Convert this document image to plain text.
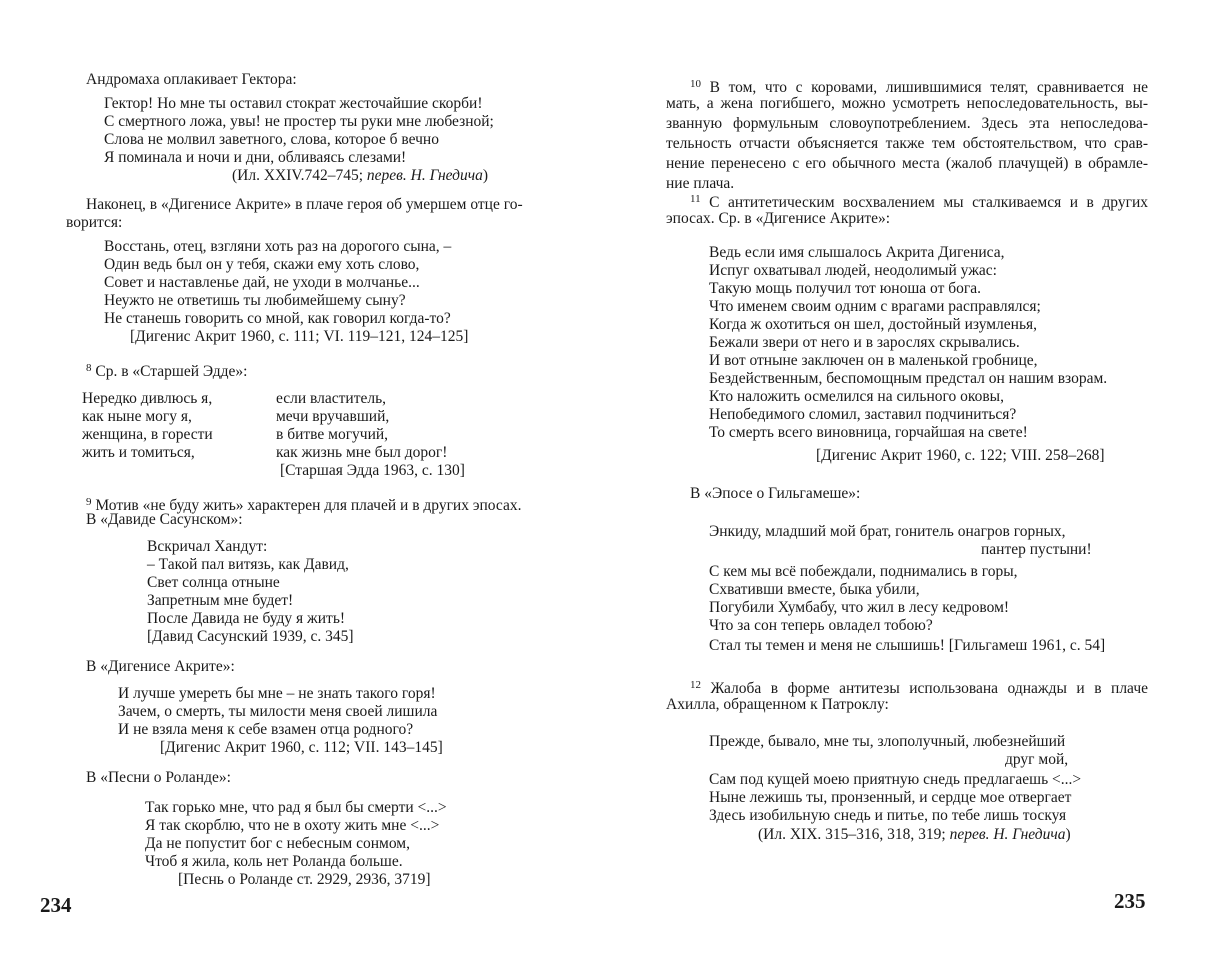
Андромаха оплакивает Гектора:
Гектор! Но мне ты оставил стократ жесточайшие скорби!
С смертного ложа, увы! не простер ты руки мне любезной;
Слова не молвил заветного, слова, которое б вечно
Я поминала и ночи и дни, обливаясь слезами!
(Ил. XXIV.742–745; перев. Н. Гнедича)
Наконец, в «Дигенисе Акрите» в плаче героя об умершем отце го-
ворится:
Восстань, отец, взгляни хоть раз на дорогого сына, –
Один ведь был он у тебя, скажи ему хоть слово,
Совет и наставленье дай, не уходи в молчанье...
Неужто не ответишь ты любимейшему сыну?
Не станешь говорить со мной, как говорил когда-то?
[Дигенис Акрит 1960, с. 111; VI. 119–121, 124–125]
$^8$ Ср. в «Старшей Эдде»:
Нередко дивлюсь я,
как ныне могу я,
женщина, в горести
жить и томиться,
если властитель,
мечи вручавший,
в битве могучий,
как жизнь мне был дорог!
[Старшая Эдда 1963, с. 130]
$^9$ Мотив «не буду жить» характерен для плачей и в других эпосах.
В «Давиде Сасунском»:
Вскричал Хандут:
– Такой пал витязь, как Давид,
Свет солнца отныне
Запретным мне будет!
После Давида не буду я жить!
[Давид Сасунский 1939, с. 345]
В «Дигенисе Акрите»:
И лучше умереть бы мне – не знать такого горя!
Зачем, о смерть, ты милости меня своей лишила
И не взяла меня к себе взамен отца родного?
[Дигенис Акрит 1960, с. 112; VII. 143–145]
В «Песни о Роланде»:
Так горько мне, что рад я был бы смерти <...>
Я так скорблю, что не в охоту жить мне <...>
Да не попустит бог с небесным сонмом,
Чтоб я жила, коль нет Роланда больше.
[Песнь о Роланде ст. 2929, 2936, 3719]
234
$^{10}$ В том, что с коровами, лишившимися телят, сравнивается не
мать, а жена погибшего, можно усмотреть непоследовательность, вы-
званную формульным словоупотреблением. Здесь эта непоследова-
тельность отчасти объясняется также тем обстоятельством, что срав-
нение перенесено с его обычного места (жалоб плачущей) в обрамле-
ние плача.
$^{11}$ С антитетическим восхвалением мы сталкиваемся и в других
эпосах. Ср. в «Дигенисе Акрите»:
Ведь если имя слышалось Акрита Дигениса,
Испуг охватывал людей, неодолимый ужас:
Такую мощь получил тот юноша от бога.
Что именем своим одним с врагами расправлялся;
Когда ж охотиться он шел, достойный изумленья,
Бежали звери от него и в зарослях скрывались.
И вот отныне заключен он в маленькой гробнице,
Бездейственным, беспомощным предстал он нашим взорам.
Кто наложить осмелился на сильного оковы,
Непобедимого сломил, заставил подчиниться?
То смерть всего виновница, горчайшая на свете!
[Дигенис Акрит 1960, с. 122; VIII. 258–268]
В «Эпосе о Гильгамеше»:
Энкиду, младший мой брат, гонитель онагров горных,
пантер пустыни!
С кем мы всё побеждали, поднимались в горы,
Схвативши вместе, быка убили,
Погубили Хумбабу, что жил в лесу кедровом!
Что за сон теперь овладел тобою?
Стал ты темен и меня не слышишь! [Гильгамеш 1961, с. 54]
$^{12}$ Жалоба в форме антитезы использована однажды и в плаче
Ахилла, обращенном к Патроклу:
Прежде, бывало, мне ты, злополучный, любезнейший
друг мой,
Сам под кущей моею приятную снедь предлагаешь <...>
Ныне лежишь ты, пронзенный, и сердце мое отвергает
Здесь изобильную снедь и питье, по тебе лишь тоскуя
(Ил. XIX. 315–316, 318, 319; перев. Н. Гнедича)
235
